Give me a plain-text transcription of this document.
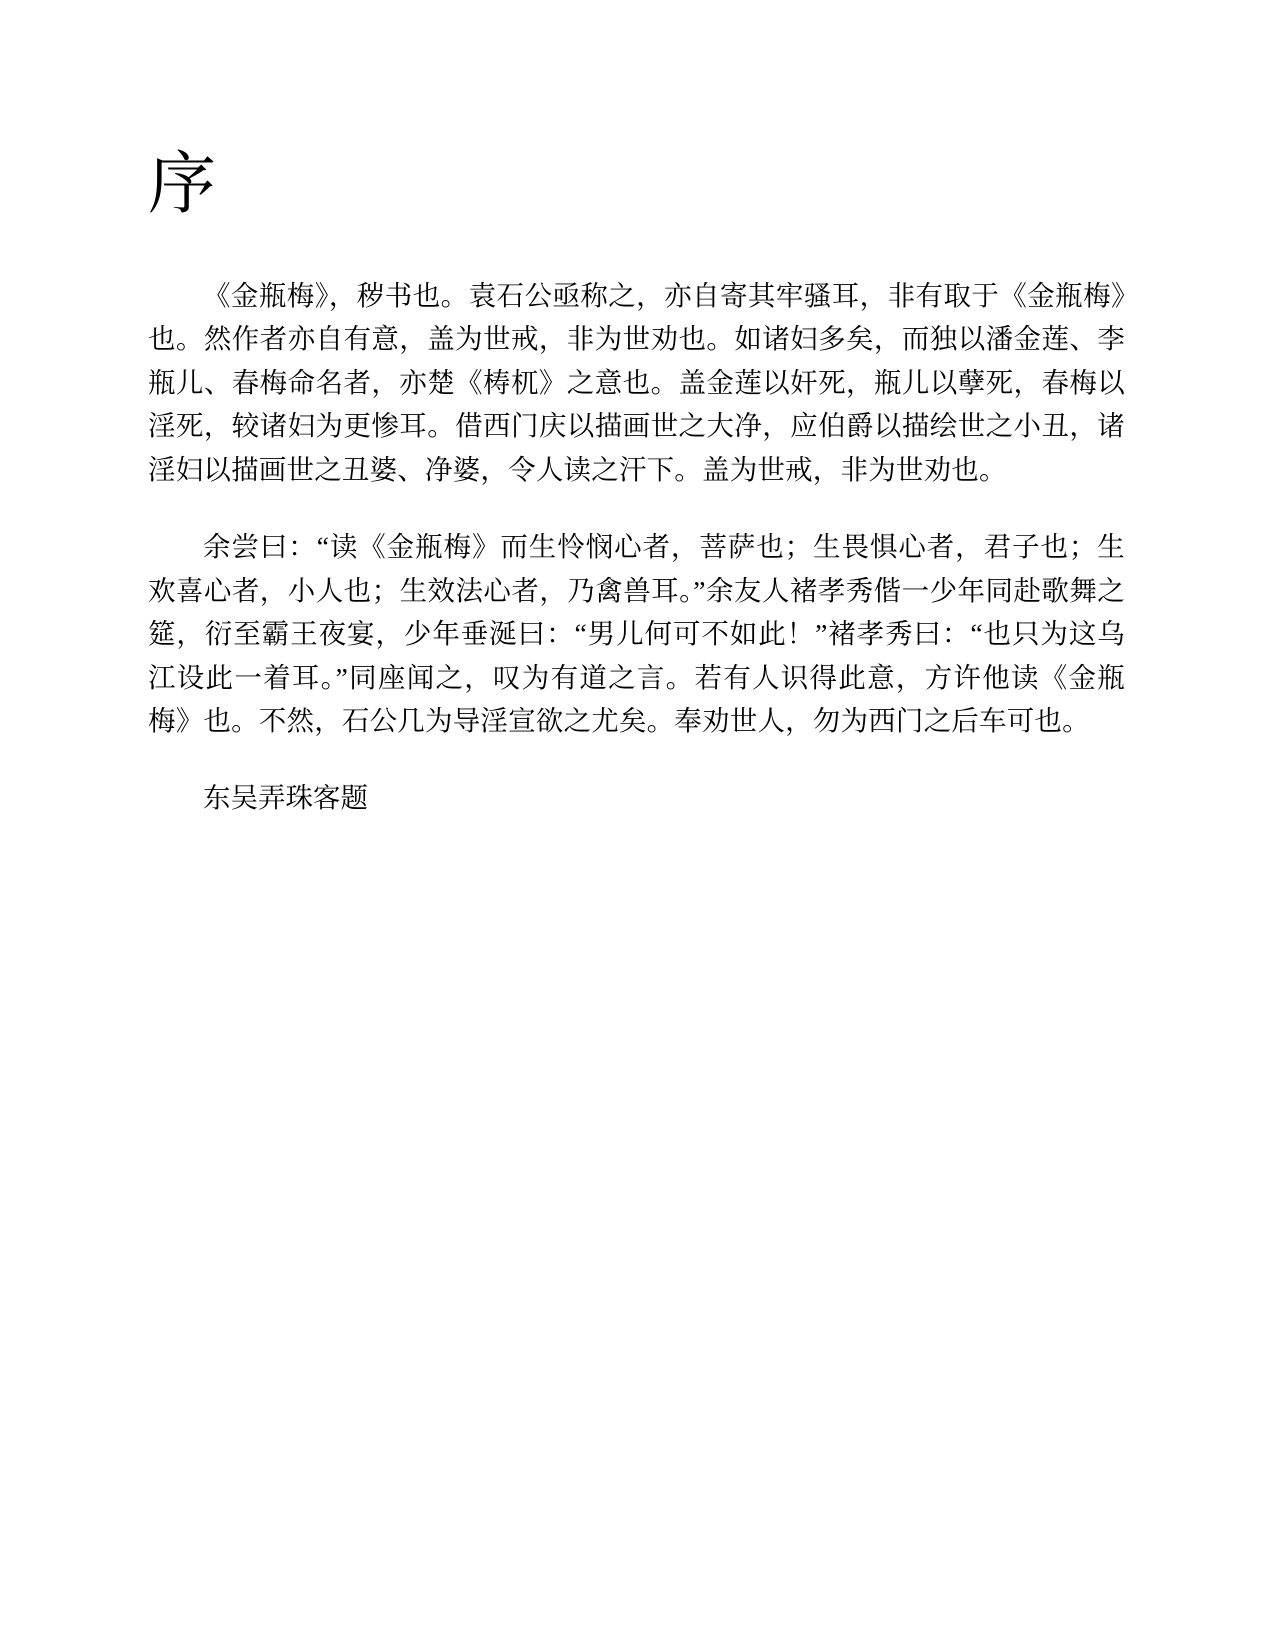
序

《金瓶梅》，秽书也。袁石公亟称之，亦自寄其牢骚耳，非有取于《金瓶梅》也。然作者亦自有意，盖为世戒，非为世劝也。如诸妇多矣，而独以潘金莲、李瓶儿、春梅命名者，亦楚《梼杌》之意也。盖金莲以奸死，瓶儿以孽死，春梅以淫死，较诸妇为更惨耳。借西门庆以描画世之大净，应伯爵以描绘世之小丑，诸淫妇以描画世之丑婆、净婆，令人读之汗下。盖为世戒，非为世劝也。

余尝曰：“读《金瓶梅》而生怜悯心者，菩萨也；生畏惧心者，君子也；生欢喜心者，小人也；生效法心者，乃禽兽耳。”余友人褚孝秀偕一少年同赴歌舞之筵，衍至霸王夜宴，少年垂涎曰：“男儿何可不如此！”褚孝秀曰：“也只为这乌江设此一着耳。”同座闻之，叹为有道之言。若有人识得此意，方许他读《金瓶梅》也。不然，石公几为导淫宣欲之尤矣。奉劝世人，勿为西门之后车可也。

东吴弄珠客题
